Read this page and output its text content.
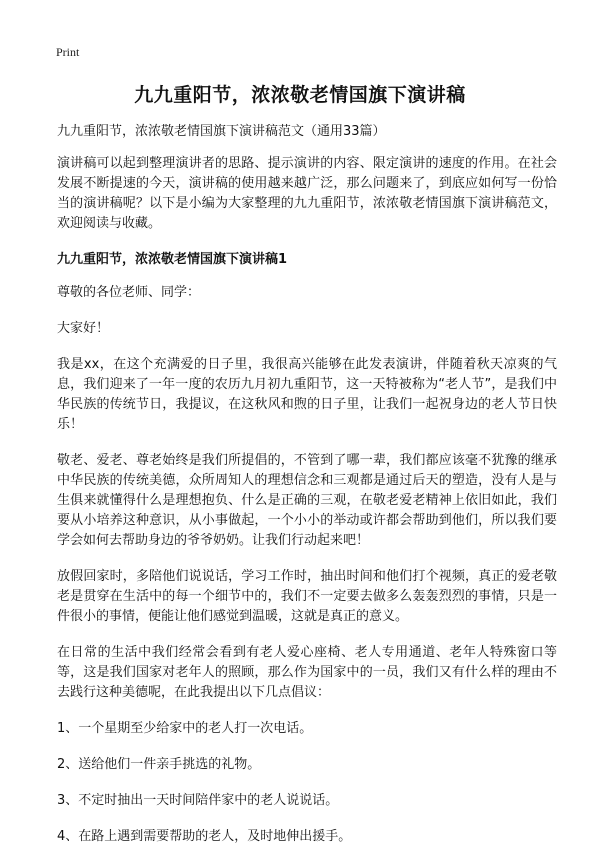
Print
九九重阳节，浓浓敬老情国旗下演讲稿

九九重阳节，浓浓敬老情国旗下演讲稿范文（通用33篇）

演讲稿可以起到整理演讲者的思路、提示演讲的内容、限定演讲的速度的作用。在社会发展不断提速的今天，演讲稿的使用越来越广泛，那么问题来了，到底应如何写一份恰当的演讲稿呢？以下是小编为大家整理的九九重阳节，浓浓敬老情国旗下演讲稿范文，欢迎阅读与收藏。

九九重阳节，浓浓敬老情国旗下演讲稿1

尊敬的各位老师、同学：

大家好！

我是xx，在这个充满爱的日子里，我很高兴能够在此发表演讲，伴随着秋天凉爽的气息，我们迎来了一年一度的农历九月初九重阳节，这一天特被称为“老人节”，是我们中华民族的传统节日，我提议，在这秋风和煦的日子里，让我们一起祝身边的老人节日快乐！

敬老、爱老、尊老始终是我们所提倡的，不管到了哪一辈，我们都应该毫不犹豫的继承中华民族的传统美德，众所周知人的理想信念和三观都是通过后天的塑造，没有人是与生俱来就懂得什么是理想抱负、什么是正确的三观，在敬老爱老精神上依旧如此，我们要从小培养这种意识，从小事做起，一个小小的举动或许都会帮助到他们，所以我们要学会如何去帮助身边的爷爷奶奶。让我们行动起来吧！

放假回家时，多陪他们说说话，学习工作时，抽出时间和他们打个视频，真正的爱老敬老是贯穿在生活中的每一个细节中的，我们不一定要去做多么轰轰烈烈的事情，只是一件很小的事情，便能让他们感觉到温暖，这就是真正的意义。

在日常的生活中我们经常会看到有老人爱心座椅、老人专用通道、老年人特殊窗口等等，这是我们国家对老年人的照顾，那么作为国家中的一员，我们又有什么样的理由不去践行这种美德呢，在此我提出以下几点倡议：

1、一个星期至少给家中的老人打一次电话。

2、送给他们一件亲手挑选的礼物。

3、不定时抽出一天时间陪伴家中的老人说说话。

4、在路上遇到需要帮助的老人，及时地伸出援手。
